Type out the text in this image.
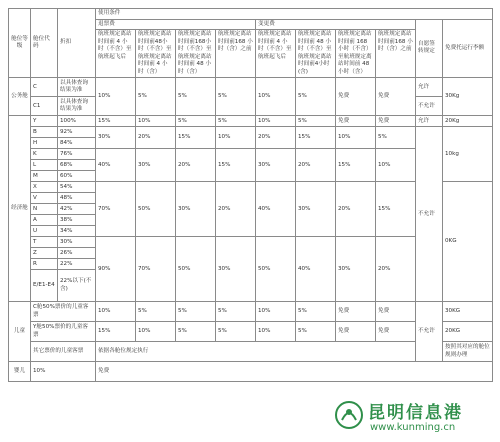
舱位等级	舱位代码	折扣	使用条件									
			退票费				变更费				自愿签转规定	免费托运行李额
			航班规定离站时间前 4 小 时（不含）至航班起飞后	航班规定离站时间前48小时（不含）至航班规定离站时间前 4 小时（含）	航班规定离站时间前168小时（不含）至航班规定离站时间前 48 小时（含）	航班规定离站时间前168 小时（含）之前	航班规定离站时间前 4 小 时（不含）至航班起飞后	航班规定离站时间前 48 小 时（不含）至航班规定离站时间前4小时(含)	航班规定离站时间前 168 小时（不含）至航班规定离站时间前 48 小时（含）	航班规定离站时间前168 小时（含）之前		
公务舱	C	以具体查询结果为准	10%	5%	5%	5%	10%	5%	免费	免费	允许	30Kg
	C1	以具体查询结果为准									不允许	
经济舱	Y	100%	15%	10%	5%	5%	10%	5%	免费	免费	允许	20Kg
	B	92%	30%	20%	15%	10%	20%	15%	10%	5%	不允许	10kg
	H	84%										
	K	76%	40%	30%	20%	15%	30%	20%	15%	10%		
	L	68%										
	M	60%										
	X	54%	70%	50%	30%	20%	40%	30%	20%	15%		0KG
	V	48%										
	N	42%										
	A	38%										
	U	34%										
	T	30%	90%	70%	50%	30%	50%	40%	30%	20%		
	Z	26%										
	R	22%										
	E/E1-E4	22%以下(不含)										

儿童	C舱50%票价的儿童客票		10%	5%	5%	5%	10%	5%	免费	免费	不允许	30KG
	Y舱50%票价的儿童客票		15%	10%	5%	5%	10%	5%	免费	免费		20KG
	其它票价的儿童客票		依据各舱位规定执行									按照其对应的舱位规则办理
婴儿	10%		免费									
昆明信息港
www.kunming.cn
